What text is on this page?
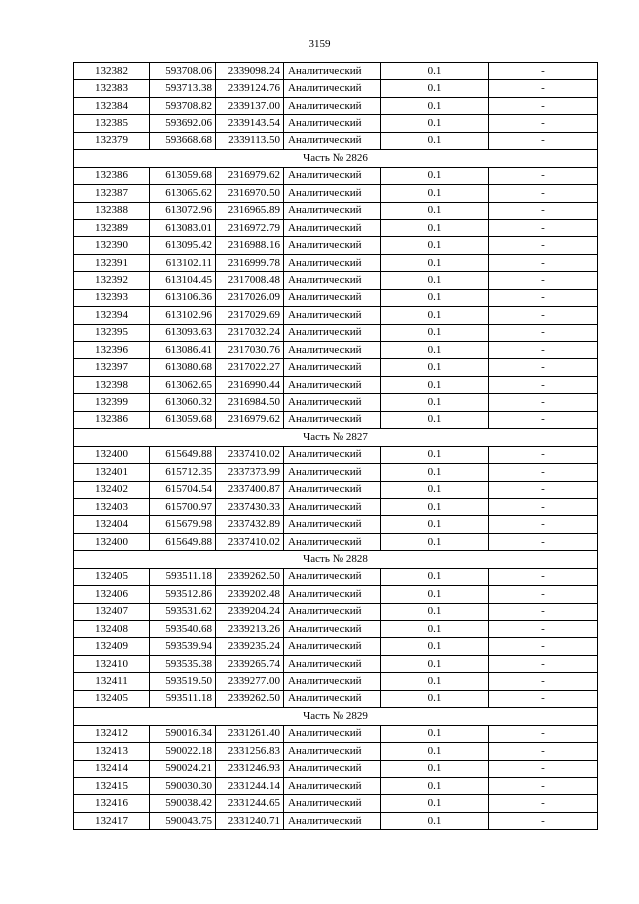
3159
132382	593708.06	2339098.24	Аналитический	0.1	-
132383	593713.38	2339124.76	Аналитический	0.1	-
132384	593708.82	2339137.00	Аналитический	0.1	-
132385	593692.06	2339143.54	Аналитический	0.1	-
132379	593668.68	2339113.50	Аналитический	0.1	-
Часть № 2826					
132386	613059.68	2316979.62	Аналитический	0.1	-
132387	613065.62	2316970.50	Аналитический	0.1	-
132388	613072.96	2316965.89	Аналитический	0.1	-
132389	613083.01	2316972.79	Аналитический	0.1	-
132390	613095.42	2316988.16	Аналитический	0.1	-
132391	613102.11	2316999.78	Аналитический	0.1	-
132392	613104.45	2317008.48	Аналитический	0.1	-
132393	613106.36	2317026.09	Аналитический	0.1	-
132394	613102.96	2317029.69	Аналитический	0.1	-
132395	613093.63	2317032.24	Аналитический	0.1	-
132396	613086.41	2317030.76	Аналитический	0.1	-
132397	613080.68	2317022.27	Аналитический	0.1	-
132398	613062.65	2316990.44	Аналитический	0.1	-
132399	613060.32	2316984.50	Аналитический	0.1	-
132386	613059.68	2316979.62	Аналитический	0.1	-
Часть № 2827					
132400	615649.88	2337410.02	Аналитический	0.1	-
132401	615712.35	2337373.99	Аналитический	0.1	-
132402	615704.54	2337400.87	Аналитический	0.1	-
132403	615700.97	2337430.33	Аналитический	0.1	-
132404	615679.98	2337432.89	Аналитический	0.1	-
132400	615649.88	2337410.02	Аналитический	0.1	-
Часть № 2828					
132405	593511.18	2339262.50	Аналитический	0.1	-
132406	593512.86	2339202.48	Аналитический	0.1	-
132407	593531.62	2339204.24	Аналитический	0.1	-
132408	593540.68	2339213.26	Аналитический	0.1	-
132409	593539.94	2339235.24	Аналитический	0.1	-
132410	593535.38	2339265.74	Аналитический	0.1	-
132411	593519.50	2339277.00	Аналитический	0.1	-
132405	593511.18	2339262.50	Аналитический	0.1	-
Часть № 2829					
132412	590016.34	2331261.40	Аналитический	0.1	-
132413	590022.18	2331256.83	Аналитический	0.1	-
132414	590024.21	2331246.93	Аналитический	0.1	-
132415	590030.30	2331244.14	Аналитический	0.1	-
132416	590038.42	2331244.65	Аналитический	0.1	-
132417	590043.75	2331240.71	Аналитический	0.1	-
